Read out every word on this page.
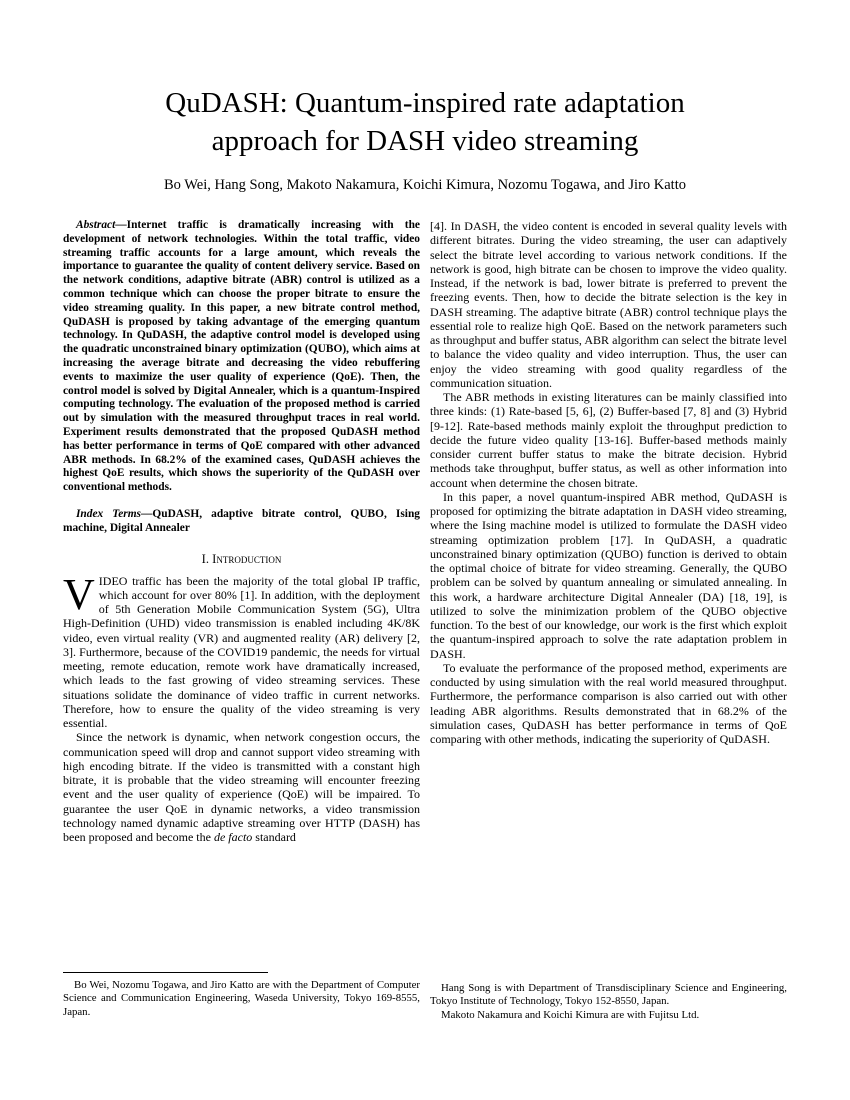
QuDASH: Quantum-inspired rate adaptation approach for DASH video streaming
Bo Wei, Hang Song, Makoto Nakamura, Koichi Kimura, Nozomu Togawa, and Jiro Katto

Abstract—Internet traffic is dramatically increasing with the development of network technologies. Within the total traffic, video streaming traffic accounts for a large amount, which reveals the importance to guarantee the quality of content delivery service. Based on the network conditions, adaptive bitrate (ABR) control is utilized as a common technique which can choose the proper bitrate to ensure the video streaming quality. In this paper, a new bitrate control method, QuDASH is proposed by taking advantage of the emerging quantum technology. In QuDASH, the adaptive control model is developed using the quadratic unconstrained binary optimization (QUBO), which aims at increasing the average bitrate and decreasing the video rebuffering events to maximize the user quality of experience (QoE). Then, the control model is solved by Digital Annealer, which is a quantum-Inspired computing technology. The evaluation of the proposed method is carried out by simulation with the measured throughput traces in real world. Experiment results demonstrated that the proposed QuDASH method has better performance in terms of QoE compared with other advanced ABR methods. In 68.2% of the examined cases, QuDASH achieves the highest QoE results, which shows the superiority of the QuDASH over conventional methods.

Index Terms—QuDASH, adaptive bitrate control, QUBO, Ising machine, Digital Annealer

I. Introduction

VIDEO traffic has been the majority of the total global IP traffic, which account for over 80% [1]. In addition, with the deployment of 5th Generation Mobile Communication System (5G), Ultra High-Definition (UHD) video transmission is enabled including 4K/8K video, even virtual reality (VR) and augmented reality (AR) delivery [2, 3]. Furthermore, because of the COVID19 pandemic, the needs for virtual meeting, remote education, remote work have dramatically increased, which leads to the fast growing of video streaming services. These situations solidate the dominance of video traffic in current networks. Therefore, how to ensure the quality of the video streaming is very essential.

Since the network is dynamic, when network congestion occurs, the communication speed will drop and cannot support video streaming with high encoding bitrate. If the video is transmitted with a constant high bitrate, it is probable that the video streaming will encounter freezing event and the user quality of experience (QoE) will be impaired. To guarantee the user QoE in dynamic networks, a video transmission technology named dynamic adaptive streaming over HTTP (DASH) has been proposed and become the de facto standard

[4]. In DASH, the video content is encoded in several quality levels with different bitrates. During the video streaming, the user can adaptively select the bitrate level according to various network conditions. If the network is good, high bitrate can be chosen to improve the video quality. Instead, if the network is bad, lower bitrate is preferred to prevent the freezing events. Then, how to decide the bitrate selection is the key in DASH streaming. The adaptive bitrate (ABR) control technique plays the essential role to realize high QoE. Based on the network parameters such as throughput and buffer status, ABR algorithm can select the bitrate level to balance the video quality and video interruption. Thus, the user can enjoy the video streaming with good quality regardless of the communication situation.

The ABR methods in existing literatures can be mainly classified into three kinds: (1) Rate-based [5, 6], (2) Buffer-based [7, 8] and (3) Hybrid [9-12]. Rate-based methods mainly exploit the throughput prediction to decide the future video quality [13-16]. Buffer-based methods mainly consider current buffer status to make the bitrate decision. Hybrid methods take throughput, buffer status, as well as other information into account when determine the chosen bitrate.

In this paper, a novel quantum-inspired ABR method, QuDASH is proposed for optimizing the bitrate adaptation in DASH video streaming, where the Ising machine model is utilized to formulate the DASH video streaming optimization problem [17]. In QuDASH, a quadratic unconstrained binary optimization (QUBO) function is derived to obtain the optimal choice of bitrate for video streaming. Generally, the QUBO problem can be solved by quantum annealing or simulated annealing. In this work, a hardware architecture Digital Annealer (DA) [18, 19], is utilized to solve the minimization problem of the QUBO objective function. To the best of our knowledge, our work is the first which exploit the quantum-inspired approach to solve the rate adaptation problem in DASH.

To evaluate the performance of the proposed method, experiments are conducted by using simulation with the real world measured throughput. Furthermore, the performance comparison is also carried out with other leading ABR algorithms. Results demonstrated that in 68.2% of the simulation cases, QuDASH has better performance in terms of QoE comparing with other methods, indicating the superiority of QuDASH.

Bo Wei, Nozomu Togawa, and Jiro Katto are with the Department of Computer Science and Communication Engineering, Waseda University, Tokyo 169-8555, Japan.

Hang Song is with Department of Transdisciplinary Science and Engineering, Tokyo Institute of Technology, Tokyo 152-8550, Japan.

Makoto Nakamura and Koichi Kimura are with Fujitsu Ltd.
